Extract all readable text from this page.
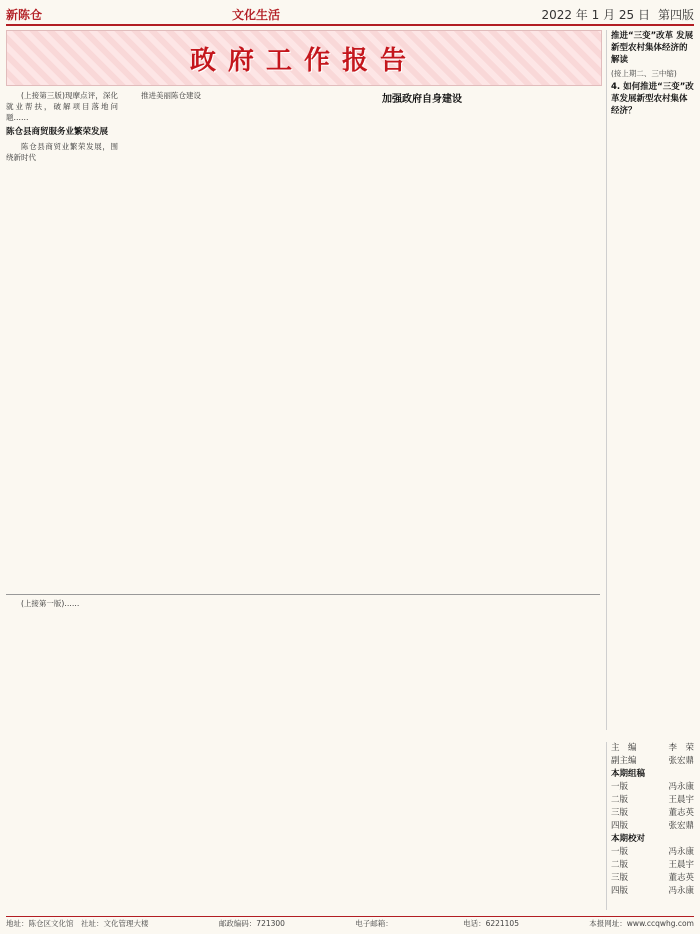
新陈仓	文化生活	2022 年 1 月 25 日 第四版
政府工作报告

(上接第三版)现摩点评，深化就业帮扶，破解项目落地问题……

陈仓县商贸服务业繁荣发展

陈仓县商贸业繁荣发展，围绕新时代

推进美丽陈仓建设	加强政府自身建设
推进“三变”改革 发展新型农村集体经济的解读
(接上期二、三中缩)
4. 如何推进“三变”改革发展新型农村集体经济？

(上接第一版)……

主　编	李　荣
副主编	张宏鼎
本期组稿
一版	冯永康
二版	王晨宇
三版	董志英
四版	张宏鼎
本期校对
一版	冯永康
二版	王晨宇
三版	董志英
四版	冯永康
地址：陈仓区文化馆　社址：文化管理大楼	邮政编码：721300	电子邮箱：	电话：6221105	本报网址：www.ccqwhg.com
